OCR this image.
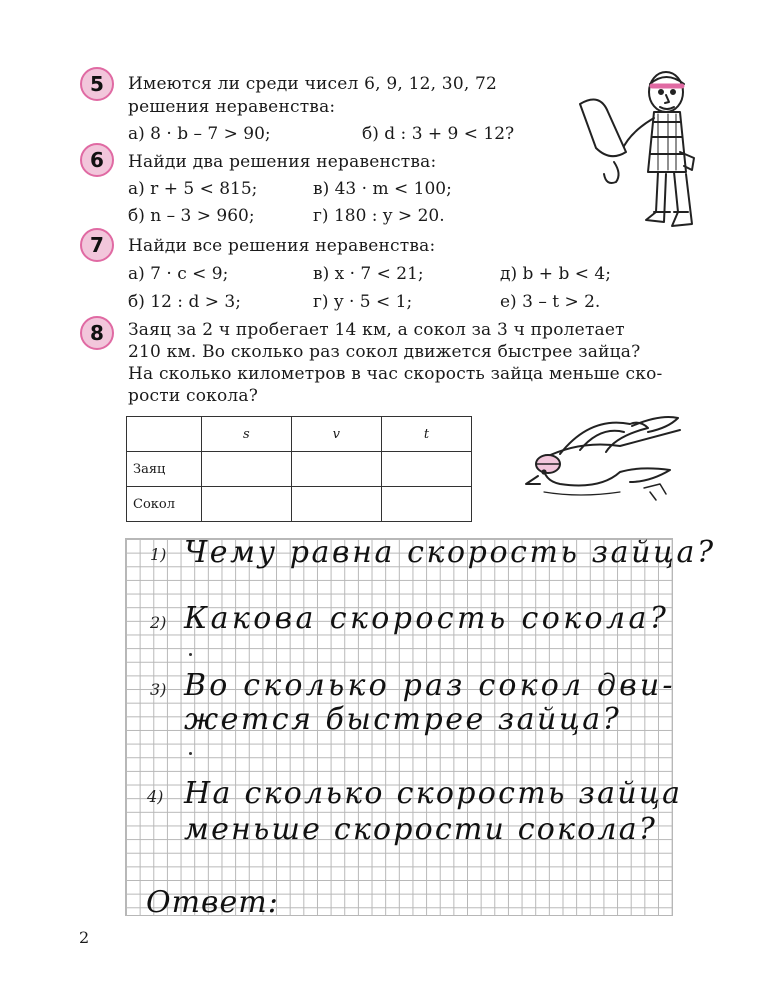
5	Имеются ли среди чисел 6, 9, 12, 30, 72
решения неравенства:
а) 8 · b – 7 > 90;	б) d : 3 + 9 < 12?
6	Найди два решения неравенства:
а) r + 5 < 815;	в) 43 · m < 100;
б) n – 3 > 960;	г) 180 : y > 20.
7	Найди все решения неравенства:
а) 7 · c < 9;	в) x · 7 < 21;	д) b + b < 4;
б) 12 : d > 3;	г) y · 5 < 1;	е) 3 – t > 2.
8	Заяц за 2 ч пробегает 14 км, а сокол за 3 ч пролетает
210 км. Во сколько раз сокол движется быстрее зайца?
На сколько километров в час скорость зайца меньше ско-
рости сокола?
	s	v	t
Заяц			
Сокол			
1) Чему равна скорость зайца?
2) Какова скорость сокола?
3) Во сколько раз сокол дви-
жется быстрее зайца?
4) На сколько скорость зайца
меньше скорости сокола?
Ответ:
2
